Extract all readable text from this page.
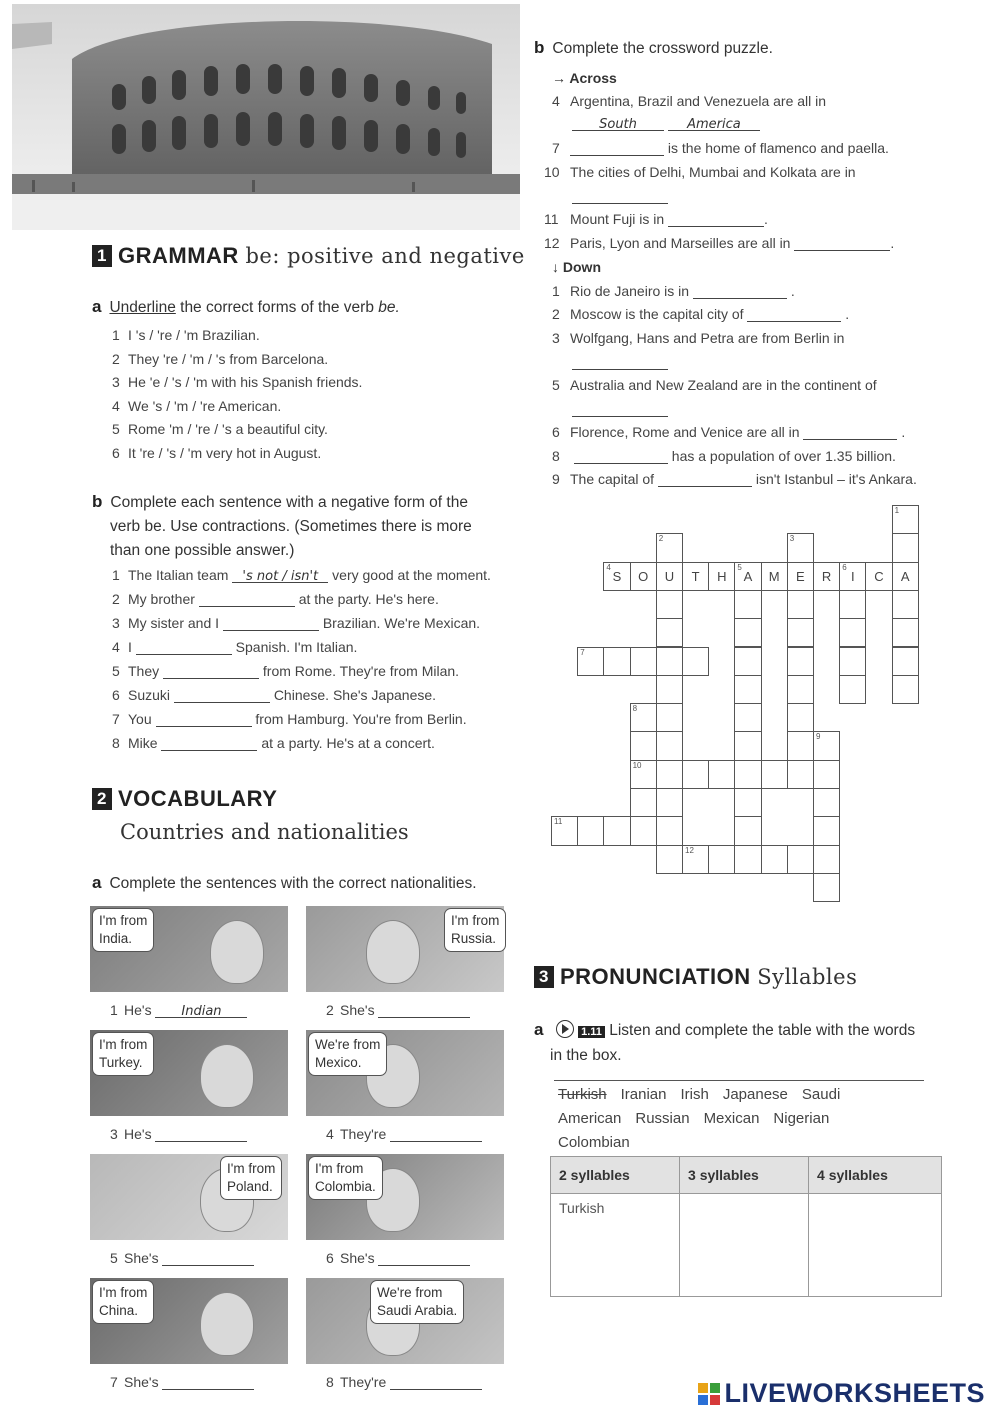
1 GRAMMAR be: positive and negative
a Underline the correct forms of the verb be.
1 I 's / 're / 'm Brazilian.
2 They 're / 'm / 's from Barcelona.
3 He 'e / 's / 'm with his Spanish friends.
4 We 's / 'm / 're American.
5 Rome 'm / 're / 's a beautiful city.
6 It 're / 's / 'm very hot in August.
b Complete each sentence with a negative form of the
verb be. Use contractions. (Sometimes there is more
than one possible answer.)
1 The Italian team 's not / isn't very good at the moment.
2 My brother	at the party. He's here.
3 My sister and I	Brazilian. We're Mexican.
4 I	Spanish. I'm Italian.
5 They	from Rome. They're from Milan.
6 Suzuki	Chinese. She's Japanese.
7 You	from Hamburg. You're from Berlin.
8 Mike	at a party. He's at a concert.
2 VOCABULARY
Countries and nationalities
a Complete the sentences with the correct nationalities.
I'm from
India.
1 He's Indian
I'm from
Russia.
2 She's
I'm from
Turkey.
3 He's
We're from
Mexico.
4 They're
I'm from
Poland.
5 She's
I'm from
Colombia.
6 She's
I'm from
China.
7 She's
We're from
Saudi Arabia.
8 They're
b Complete the crossword puzzle.
→ Across
4 Argentina, Brazil and Venezuela are all in
South	America
7	is the home of flamenco and paella.
10 The cities of Delhi, Mumbai and Kolkata are in
11 Mount Fuji is in	.
12 Paris, Lyon and Marseilles are all in	.
↓ Down
1 Rio de Janeiro is in	.
2 Moscow is the capital city of	.
3 Wolfgang, Hans and Petra are from Berlin in
5 Australia and New Zealand are in the continent of
6 Florence, Rome and Venice are all in	.
8	has a population of over 1.35 billion.
9 The capital of	isn't Istanbul – it's Ankara.
4
S	O	U	T	H
5
A	M	E	R
6
I	C	A
1
2	3
7
8
10
9
11
12
3 PRONUNCIATION Syllables
a	1.11 Listen and complete the table with the words
in the box.
Turkish Iranian Irish Japanese SaudiAmerican Russian Mexican NigerianColombian
2 syllables	3 syllables	4 syllables
Turkish		
LIVEWORKSHEETS
